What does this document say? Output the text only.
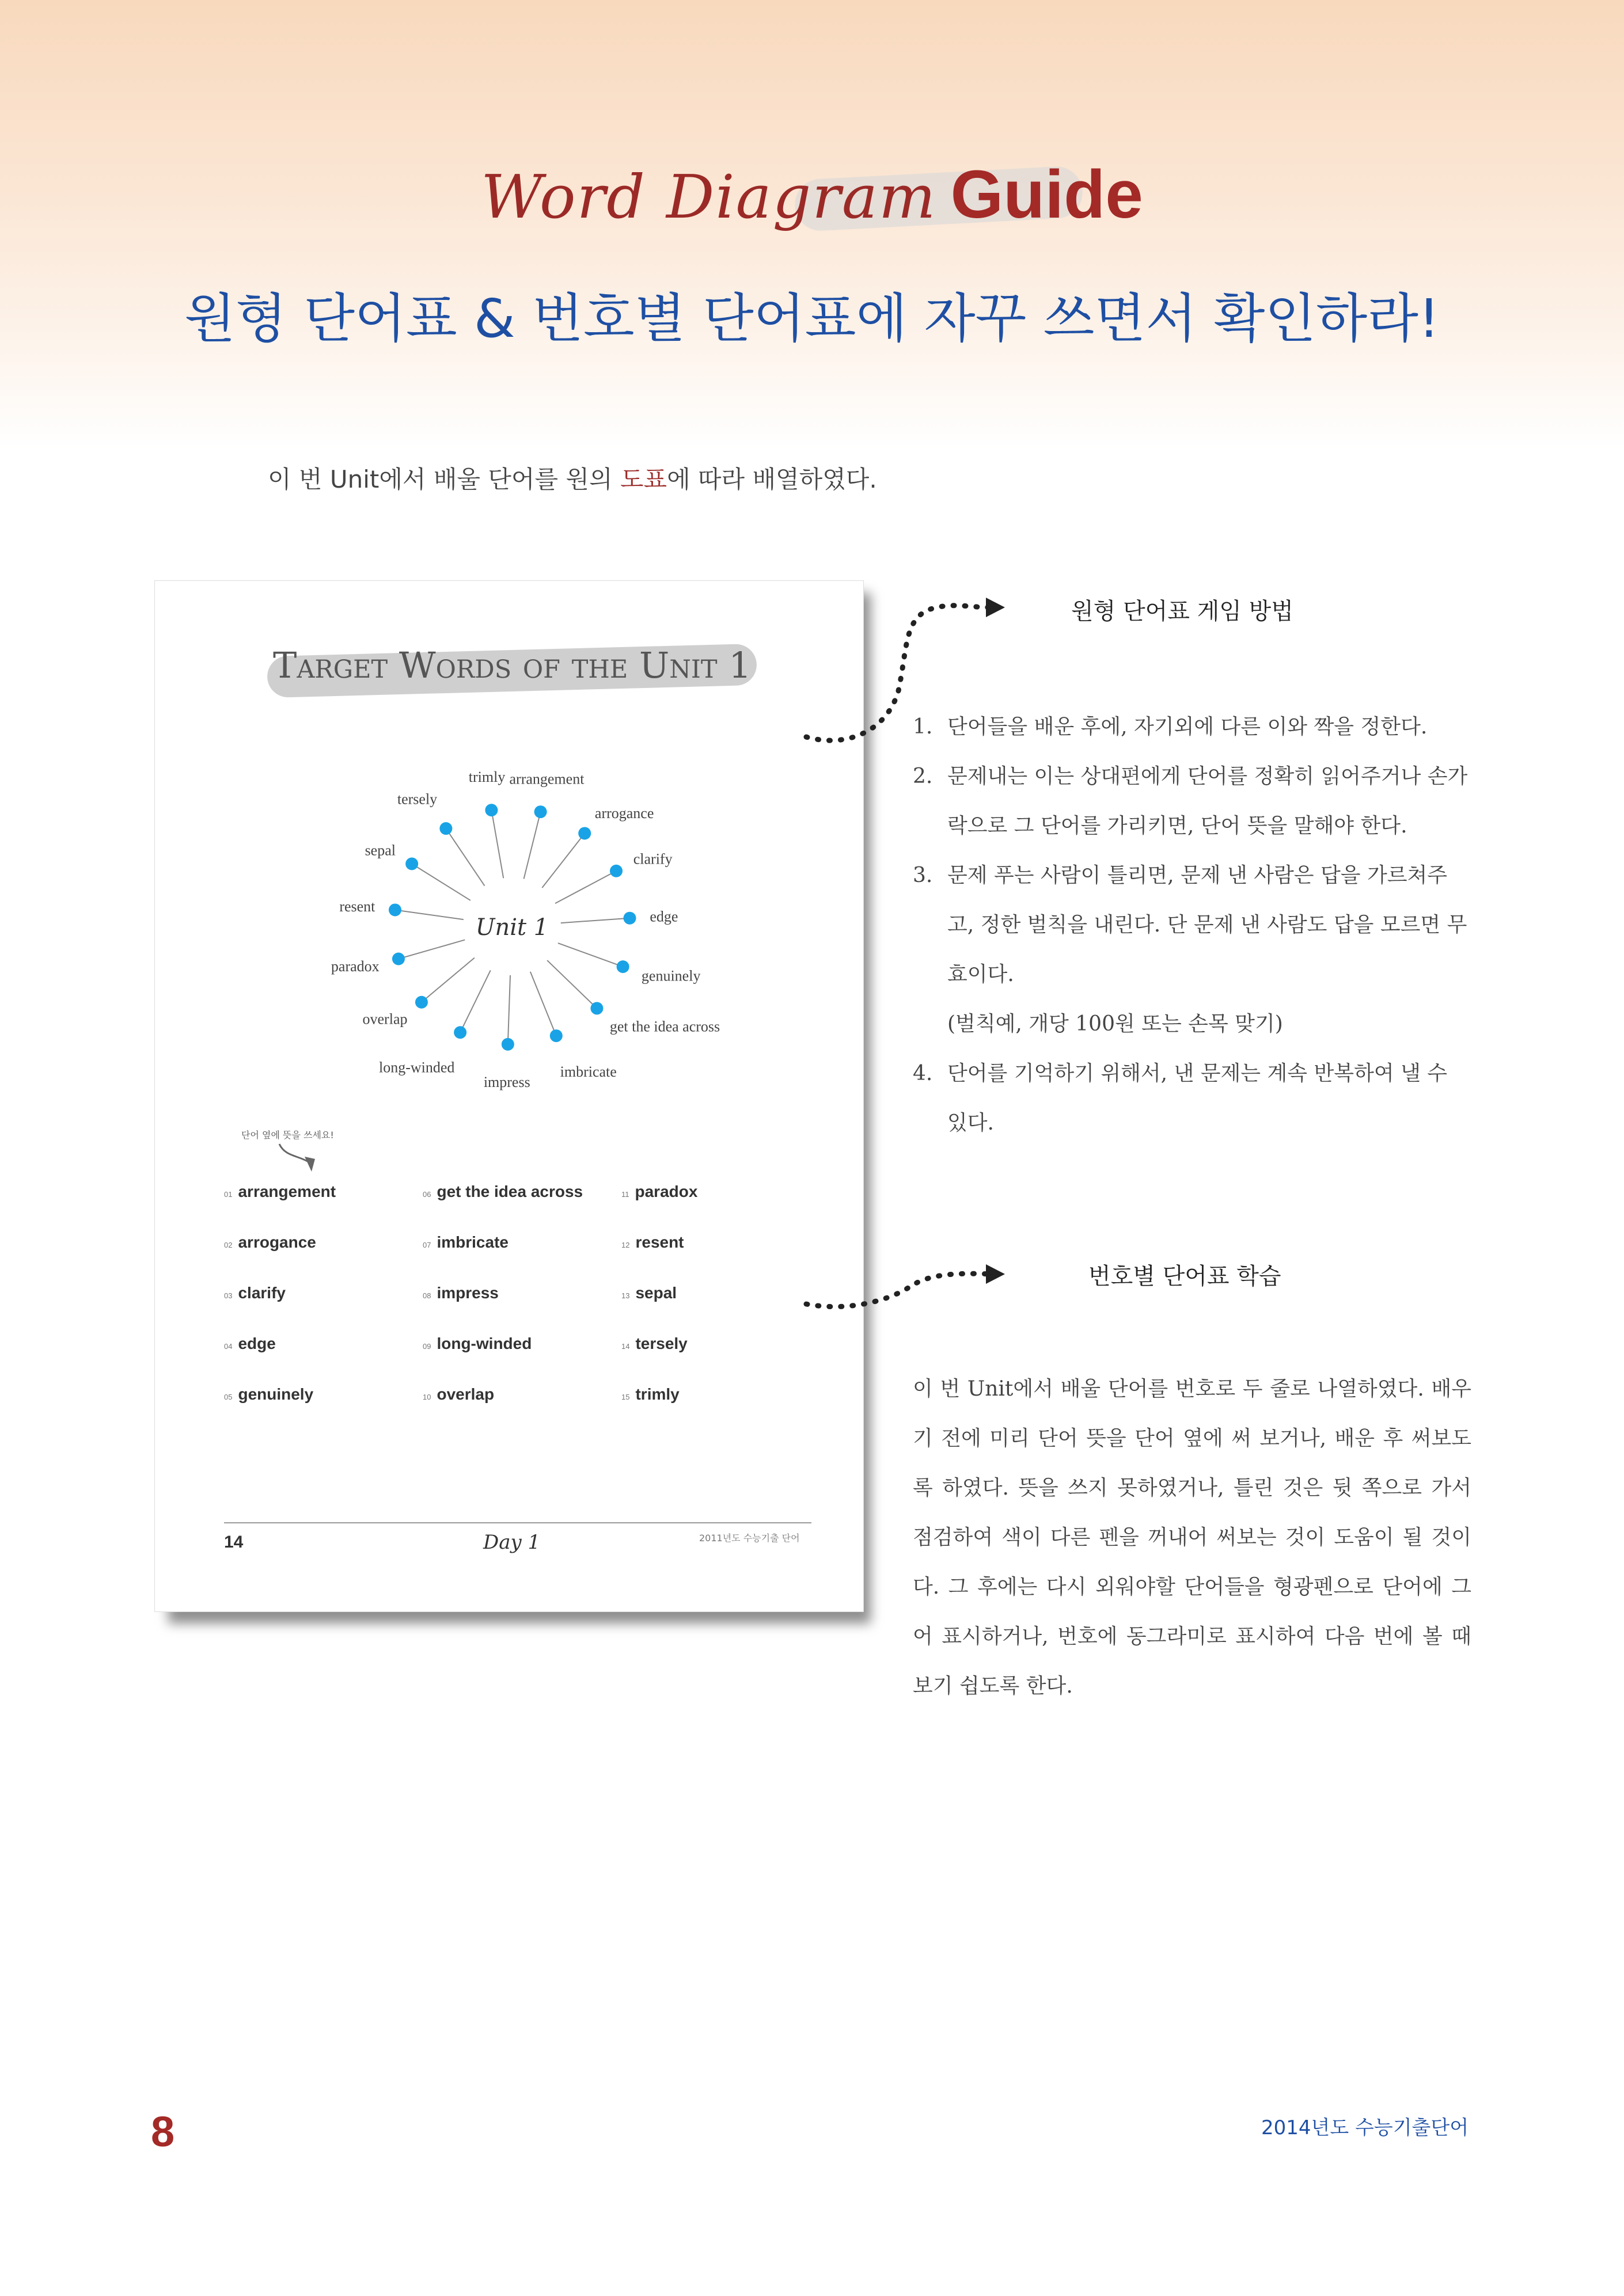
Word Diagram Guide
원형 단어표 & 번호별 단어표에 자꾸 쓰면서 확인하라!
이 번 Unit에서 배울 단어를 원의 도표에 따라 배열하였다.
Target Words of the Unit 1
trimly arrangement
arrogance
clarify
edge
genuinely
get the idea across
imbricate
impress
long-winded
overlap
paradox
resent
sepal
tersely
Unit 1
단어 옆에 뜻을 쓰세요!
01 arrangement
02 arrogance
03 clarify
04 edge
05 genuinely
06 get the idea across
07 imbricate
08 impress
09 long-winded
10 overlap
11 paradox
12 resent
13 sepal
14 tersely
15 trimly
14	Day 1	2011년도 수능기출 단어
원형 단어표 게임 방법
1. 단어들을 배운 후에, 자기외에 다른 이와 짝을 정한다.
2. 문제내는 이는 상대편에게 단어를 정확히 읽어주거나 손가락으로 그 단어를 가리키면, 단어 뜻을 말해야 한다.
3. 문제 푸는 사람이 틀리면, 문제 낸 사람은 답을 가르쳐주고, 정한 벌칙을 내린다. 단 문제 낸 사람도 답을 모르면 무효이다.
(벌칙예, 개당 100원 또는 손목 맞기)
4. 단어를 기억하기 위해서, 낸 문제는 계속 반복하여 낼 수 있다.
번호별 단어표 학습
이 번 Unit에서 배울 단어를 번호로 두 줄로 나열하였다. 배우기 전에 미리 단어 뜻을 단어 옆에 써 보거나, 배운 후 써보도록 하였다. 뜻을 쓰지 못하였거나, 틀린 것은 뒷 쪽으로 가서 점검하여 색이 다른 펜을 꺼내어 써보는 것이 도움이 될 것이다. 그 후에는 다시 외워야할 단어들을 형광펜으로 단어에 그어 표시하거나, 번호에 동그라미로 표시하여 다음 번에 볼 때 보기 쉽도록 한다.
8	2014년도 수능기출단어
